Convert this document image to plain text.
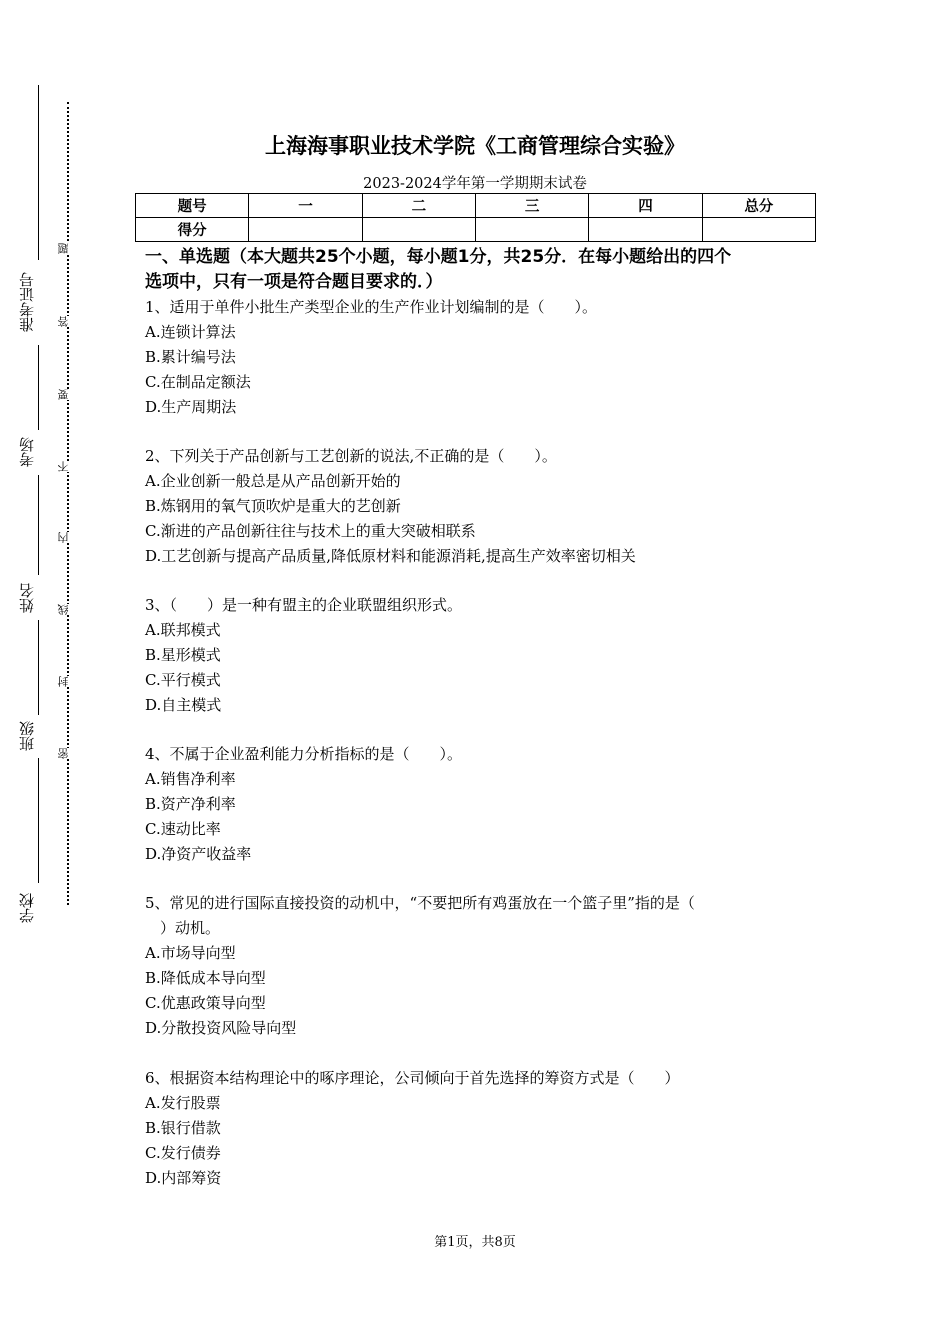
准考证号
考场
姓名
班级
学校
题
答
要
不
内
线
封
密
上海海事职业技术学院《工商管理综合实验》
2023-2024学年第一学期期末试卷
题号	一	二	三	四	总分
得分					
一、单选题（本大题共25个小题，每小题1分，共25分．在每小题给出的四个
选项中，只有一项是符合题目要求的．）
1、适用于单件小批生产类型企业的生产作业计划编制的是（　　）。
A.连锁计算法
B.累计编号法
C.在制品定额法
D.生产周期法
2、下列关于产品创新与工艺创新的说法,不正确的是（　　）。
A.企业创新一般总是从产品创新开始的
B.炼钢用的氧气顶吹炉是重大的艺创新
C.渐进的产品创新往往与技术上的重大突破相联系
D.工艺创新与提高产品质量,降低原材料和能源消耗,提高生产效率密切相关
3、（　　）是一种有盟主的企业联盟组织形式。
A.联邦模式
B.星形模式
C.平行模式
D.自主模式
4、不属于企业盈利能力分析指标的是（　　）。
A.销售净利率
B.资产净利率
C.速动比率
D.净资产收益率
5、常见的进行国际直接投资的动机中，“不要把所有鸡蛋放在一个篮子里”指的是（
　）动机。
A.市场导向型
B.降低成本导向型
C.优惠政策导向型
D.分散投资风险导向型
6、根据资本结构理论中的啄序理论，公司倾向于首先选择的筹资方式是（　　）
A.发行股票
B.银行借款
C.发行债券
D.内部筹资
第1页，共8页
